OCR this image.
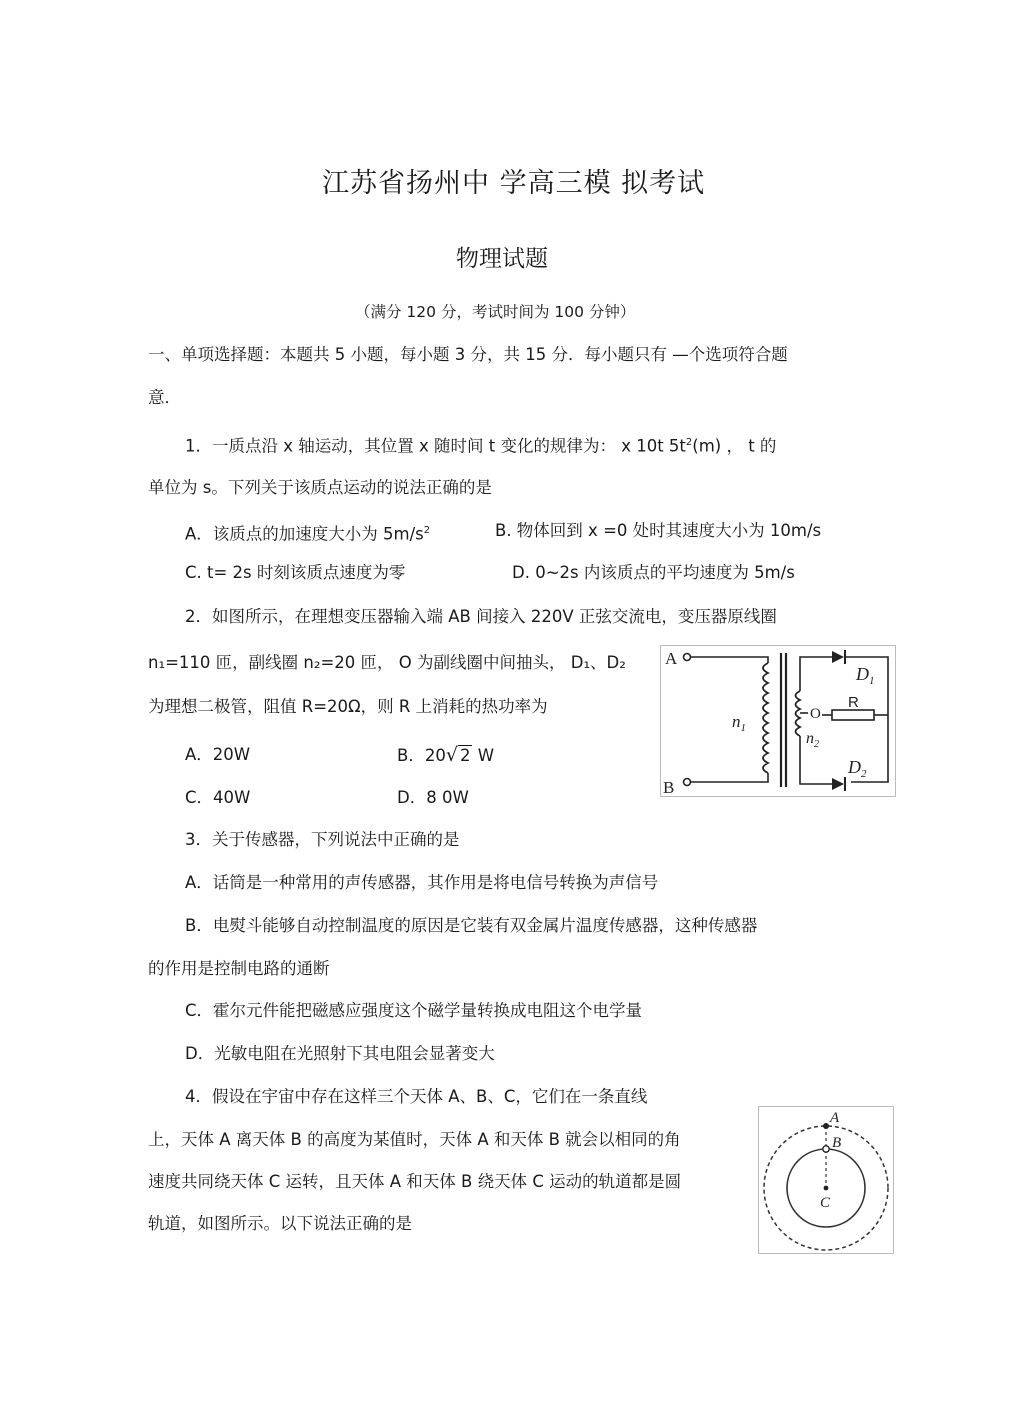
江苏省扬州中 学高三模 拟考试
物理试题
（满分 120 分，考试时间为 100 分钟）
一、单项选择题：本题共 5 小题，每小题 3 分，共 15 分．每小题只有 —个选项符合题
意．
1．一质点沿 x 轴运动，其位置 x 随时间 t 变化的规律为： x 10t $5t^2(m)$ ， t 的
单位为 s。下列关于该质点运动的说法正确的是
A．该质点的加速度大小为 $5m/s^2$	B. 物体回到 x =0 处时其速度大小为 10m/s
C. t= 2s 时刻该质点速度为零	D. 0~2s 内该质点的平均速度为 5m/s
2．如图所示，在理想变压器输入端 AB 间接入 220V 正弦交流电，变压器原线圈
n₁=110 匝，副线圈 n₂=20 匝， O 为副线圈中间抽头， D₁、D₂
为理想二极管，阻值 R=20Ω，则 R 上消耗的热功率为
A．20W	B．20√ 2 W
C．40W	D．8 0W
A
B
$n_1$
$D_1$
$D_2$
O
R
$n_2$
3．关于传感器，下列说法中正确的是
A．话筒是一种常用的声传感器，其作用是将电信号转换为声信号
B．电熨斗能够自动控制温度的原因是它装有双金属片温度传感器，这种传感器
的作用是控制电路的通断
C．霍尔元件能把磁感应强度这个磁学量转换成电阻这个电学量
D．光敏电阻在光照射下其电阻会显著变大
4．假设在宇宙中存在这样三个天体 A、B、C，它们在一条直线
上，天体 A 离天体 B 的高度为某值时，天体 A 和天体 B 就会以相同的角
速度共同绕天体 C 运转，且天体 A 和天体 B 绕天体 C 运动的轨道都是圆
轨道，如图所示。以下说法正确的是
A
B
C
